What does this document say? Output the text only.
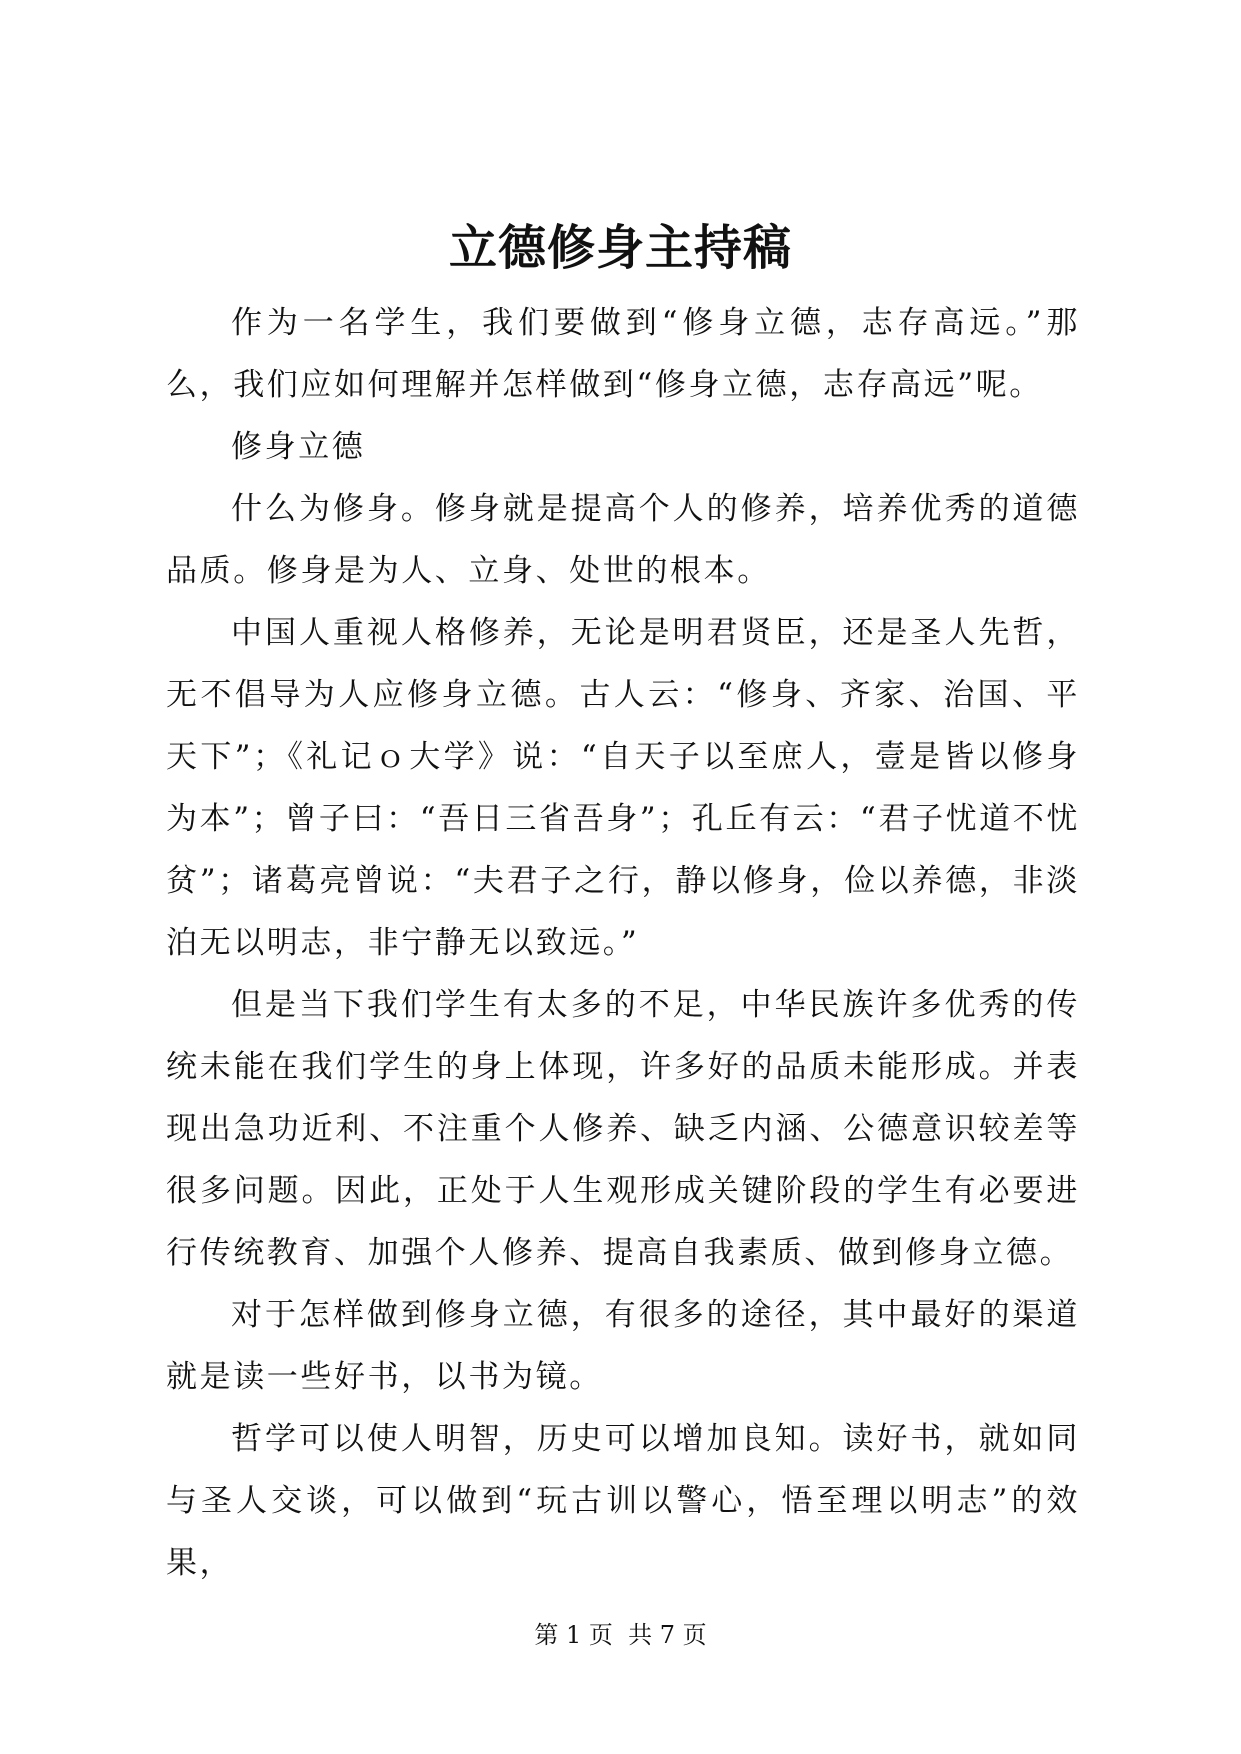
立德修身主持稿

作为一名学生，我们要做到“修身立德，志存高远。”那么，我们应如何理解并怎样做到“修身立德，志存高远”呢。

修身立德

什么为修身。修身就是提高个人的修养，培养优秀的道德品质。修身是为人、立身、处世的根本。

中国人重视人格修养，无论是明君贤臣，还是圣人先哲，无不倡导为人应修身立德。古人云：“修身、齐家、治国、平天下”；《礼记ｏ大学》说：“自天子以至庶人，壹是皆以修身为本”；曾子曰：“吾日三省吾身”；孔丘有云：“君子忧道不忧贫”；诸葛亮曾说：“夫君子之行，静以修身，俭以养德，非淡泊无以明志，非宁静无以致远。”

但是当下我们学生有太多的不足，中华民族许多优秀的传统未能在我们学生的身上体现，许多好的品质未能形成。并表现出急功近利、不注重个人修养、缺乏内涵、公德意识较差等很多问题。因此，正处于人生观形成关键阶段的学生有必要进行传统教育、加强个人修养、提高自我素质、做到修身立德。

对于怎样做到修身立德，有很多的途径，其中最好的渠道就是读一些好书，以书为镜。

哲学可以使人明智，历史可以增加良知。读好书，就如同与圣人交谈，可以做到“玩古训以警心，悟至理以明志”的效果，

第 1 页  共 7 页
